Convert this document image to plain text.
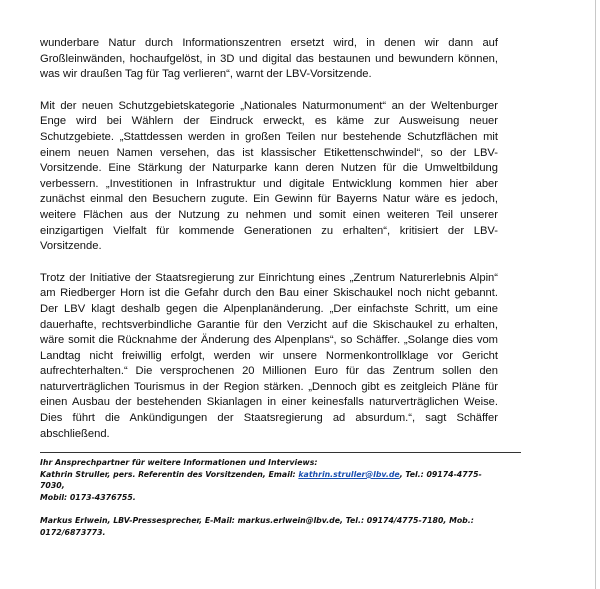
wunderbare Natur durch Informationszentren ersetzt wird, in denen wir dann auf Großleinwänden, hochaufgelöst, in 3D und digital das bestaunen und bewundern können, was wir draußen Tag für Tag verlieren“, warnt der LBV-Vorsitzende.

Mit der neuen Schutzgebietskategorie „Nationales Naturmonument“ an der Weltenburger Enge wird bei Wählern der Eindruck erweckt, es käme zur Ausweisung neuer Schutzgebiete. „Stattdessen werden in großen Teilen nur bestehende Schutzflächen mit einem neuen Namen versehen, das ist klassischer Etikettenschwindel“, so der LBV-Vorsitzende. Eine Stärkung der Naturparke kann deren Nutzen für die Umweltbildung verbessern. „Investitionen in Infrastruktur und digitale Entwicklung kommen hier aber zunächst einmal den Besuchern zugute. Ein Gewinn für Bayerns Natur wäre es jedoch, weitere Flächen aus der Nutzung zu nehmen und somit einen weiteren Teil unserer einzigartigen Vielfalt für kommende Generationen zu erhalten“, kritisiert der LBV-Vorsitzende.

Trotz der Initiative der Staatsregierung zur Einrichtung eines „Zentrum Naturerlebnis Alpin“ am Riedberger Horn ist die Gefahr durch den Bau einer Skischaukel noch nicht gebannt. Der LBV klagt deshalb gegen die Alpenplanänderung. „Der einfachste Schritt, um eine dauerhafte, rechtsverbindliche Garantie für den Verzicht auf die Skischaukel zu erhalten, wäre somit die Rücknahme der Änderung des Alpenplans“, so Schäffer. „Solange dies vom Landtag nicht freiwillig erfolgt, werden wir unsere Normenkontrollklage vor Gericht aufrechterhalten.“ Die versprochenen 20 Millionen Euro für das Zentrum sollen den naturverträglichen Tourismus in der Region stärken. „Dennoch gibt es zeitgleich Pläne für einen Ausbau der bestehenden Skianlagen in einer keinesfalls naturverträglichen Weise. Dies führt die Ankündigungen der Staatsregierung ad absurdum.“, sagt Schäffer abschließend.

Ihr Ansprechpartner für weitere Informationen und Interviews:
Kathrin Struller, pers. Referentin des Vorsitzenden, Email: kathrin.struller@lbv.de, Tel.: 09174-4775-7030,
Mobil: 0173-4376755.
Markus Erlwein, LBV-Pressesprecher, E-Mail: markus.erlwein@lbv.de, Tel.: 09174/4775-7180, Mob.:
0172/6873773.
